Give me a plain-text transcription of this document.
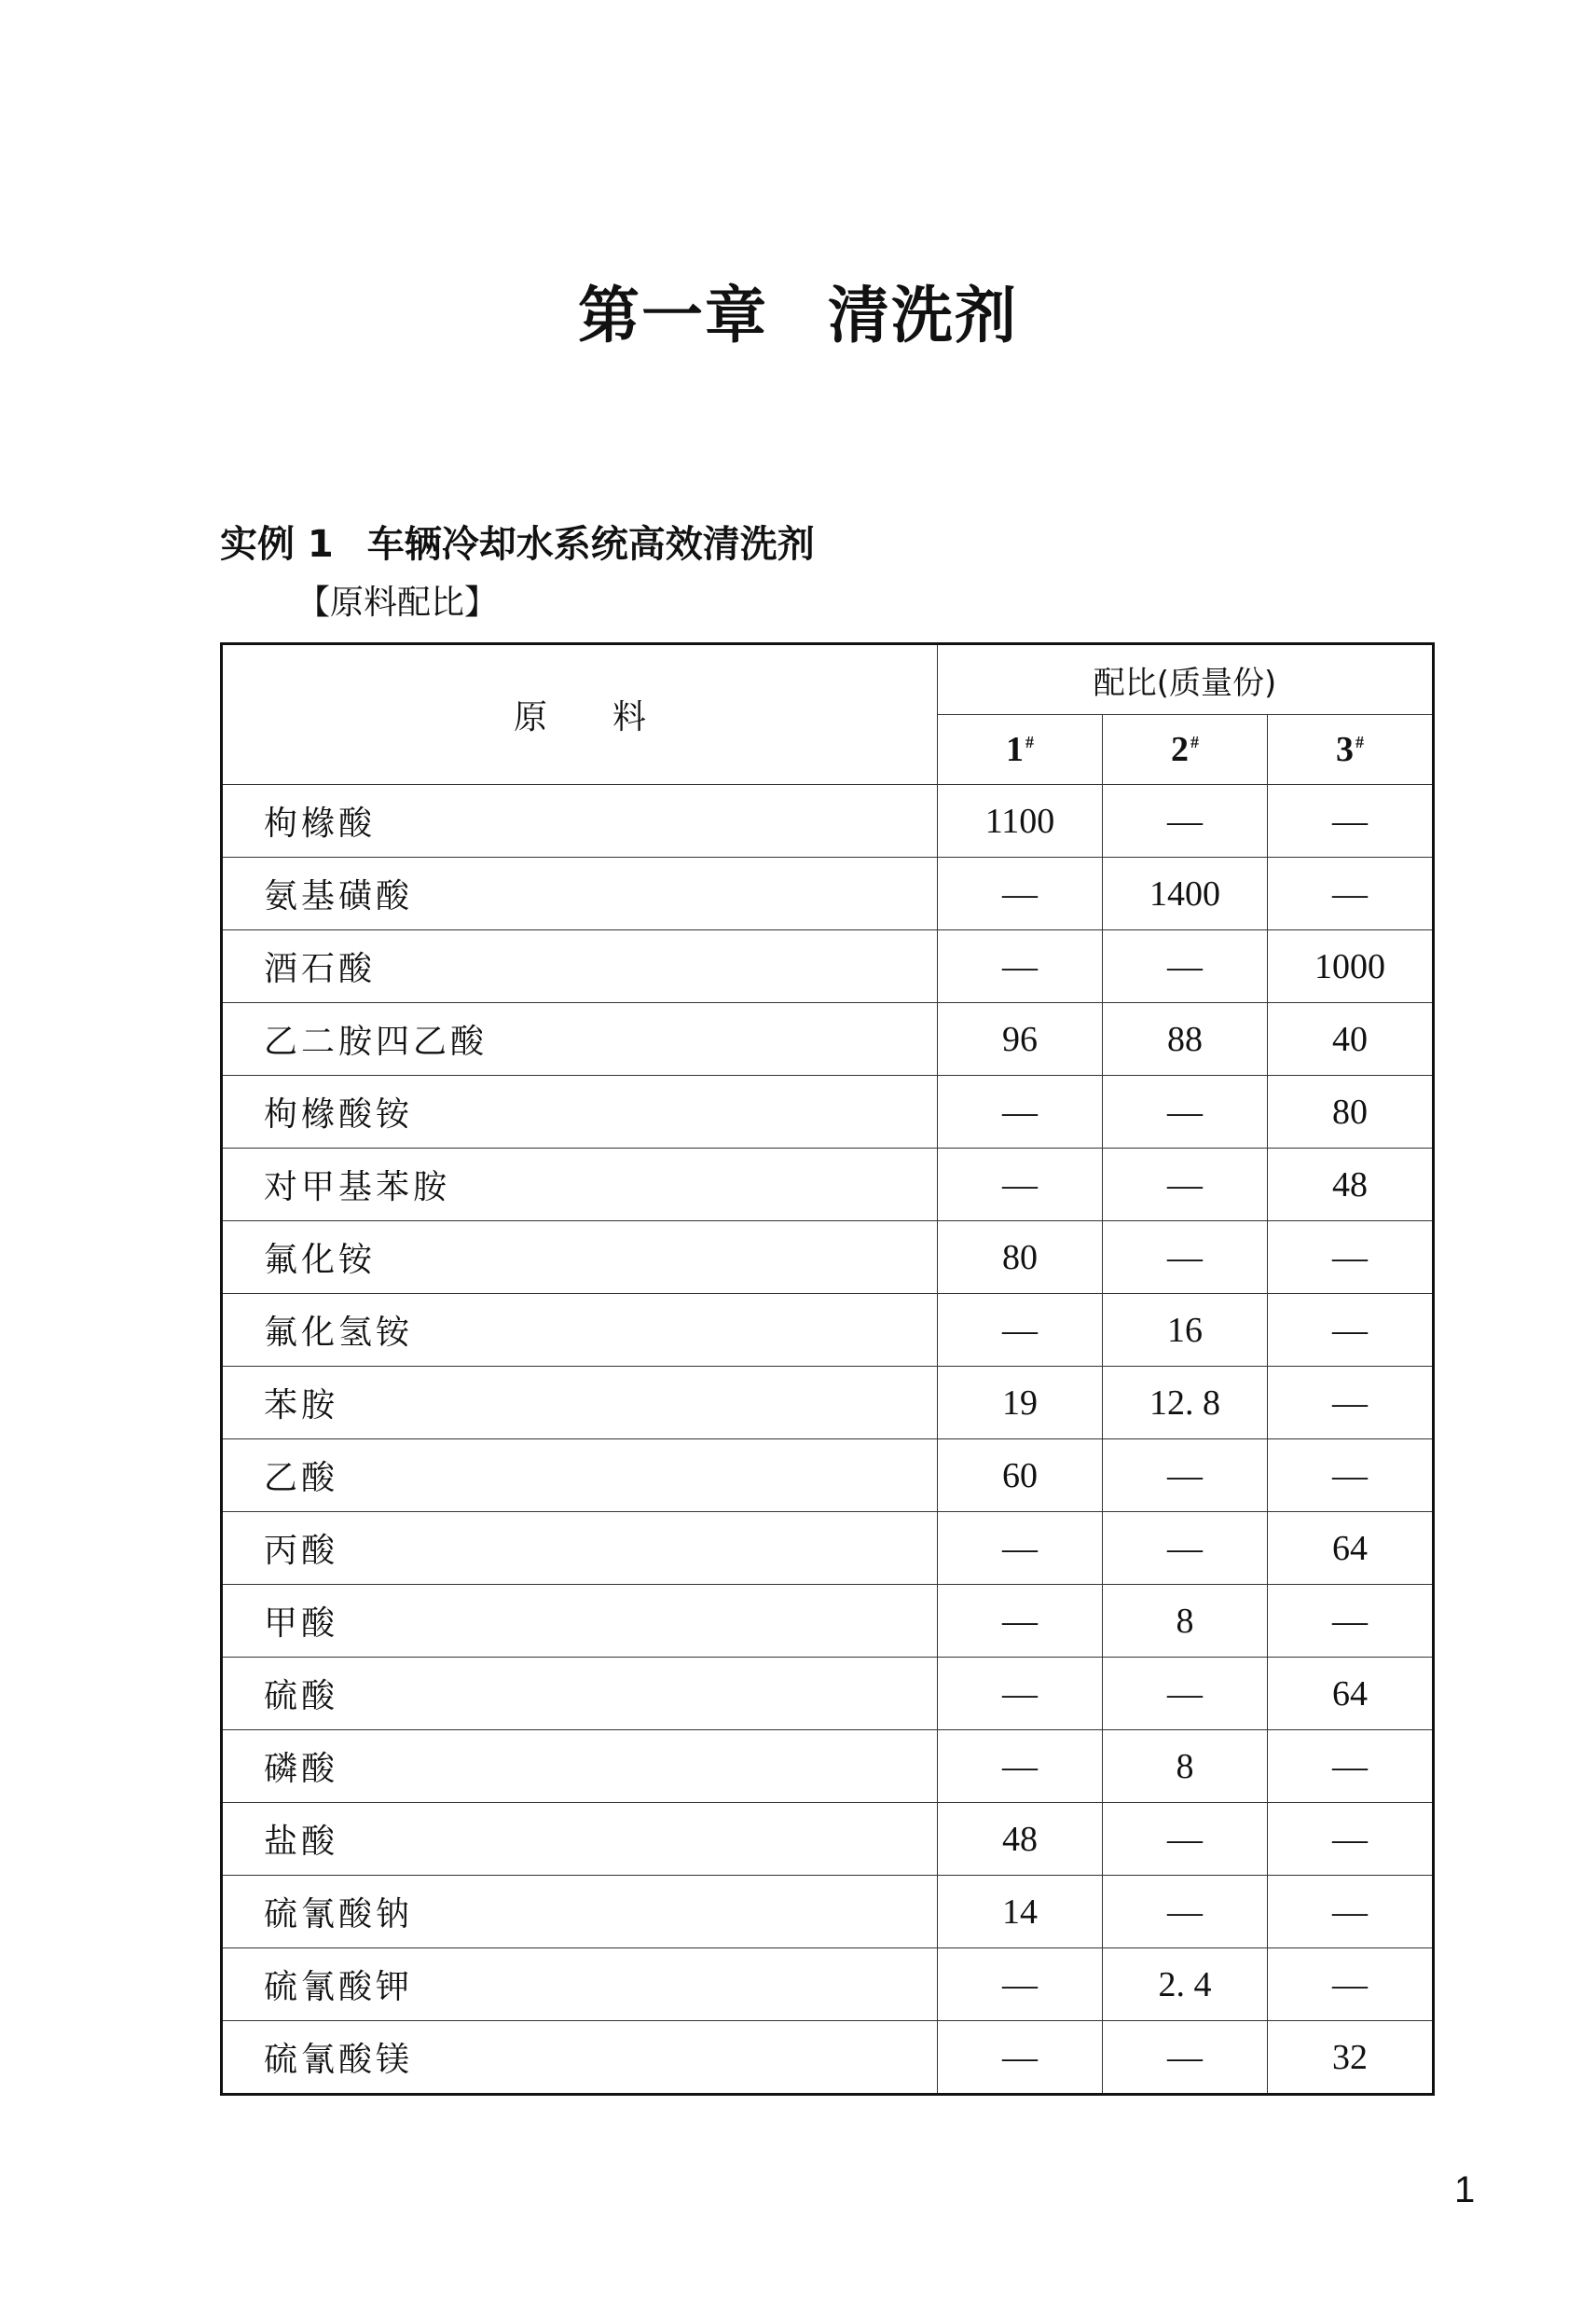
第一章 清洗剂
实例 1 车辆冷却水系统高效清洗剂
【原料配比】
原料	配比(质量份)		
	1 #	2 #	3 #
枸橼酸	1100	—	—
氨基磺酸	—	1400	—
酒石酸	—	—	1000
乙二胺四乙酸	96	88	40
枸橼酸铵	—	—	80
对甲基苯胺	—	—	48
氟化铵	80	—	—
氟化氢铵	—	16	—
苯胺	19	12. 8	—
乙酸	60	—	—
丙酸	—	—	64
甲酸	—	8	—
硫酸	—	—	64
磷酸	—	8	—
盐酸	48	—	—
硫氰酸钠	14	—	—
硫氰酸钾	—	2. 4	—
硫氰酸镁	—	—	32
1
